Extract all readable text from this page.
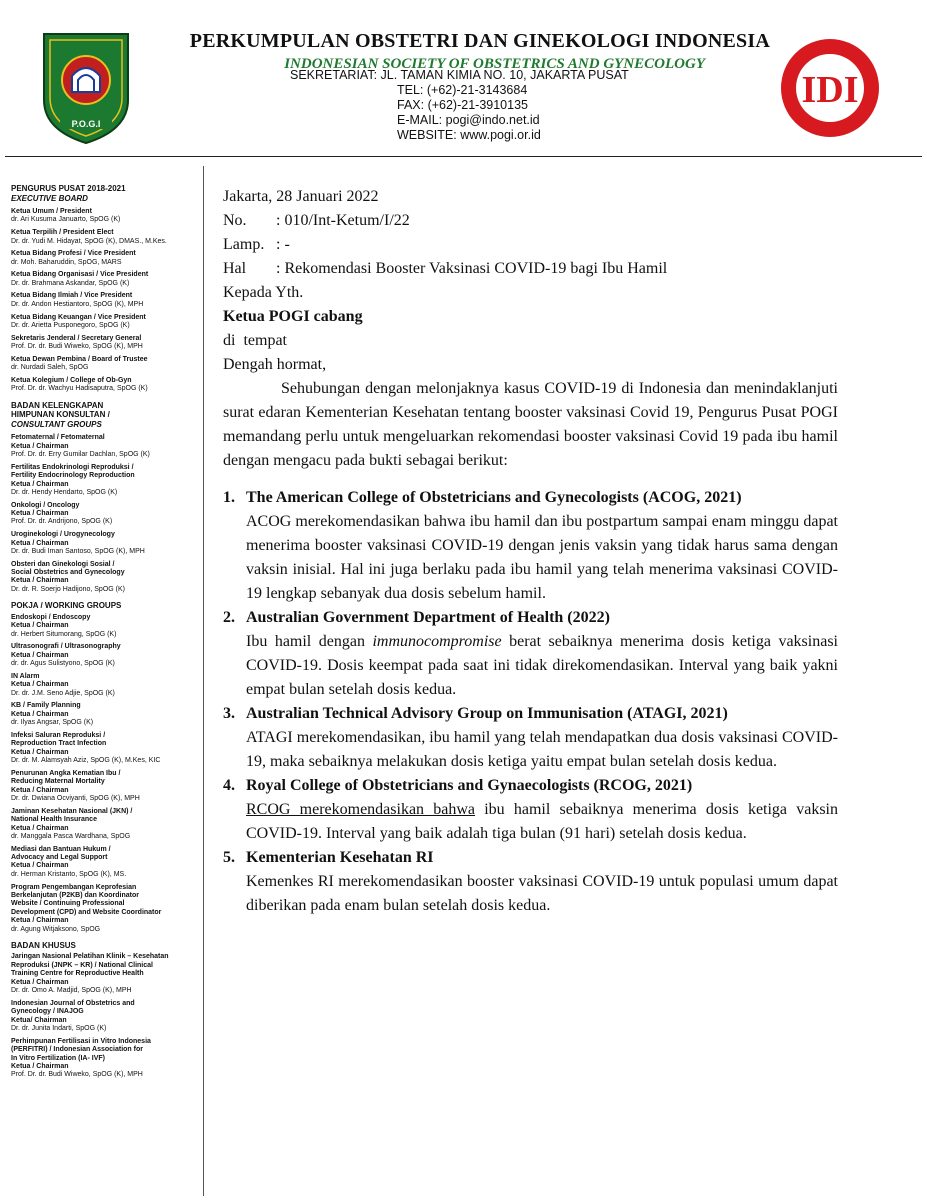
P.O.G.I
IDI
PERKUMPULAN OBSTETRI DAN GINEKOLOGI INDONESIA
INDONESIAN SOCIETY OF OBSTETRICS AND GYNECOLOGY
SEKRETARIAT: JL. TAMAN KIMIA NO. 10, JAKARTA PUSAT
TEL: (+62)-21-3143684
FAX: (+62)-21-3910135
E-MAIL: pogi@indo.net.id
WEBSITE: www.pogi.or.id
PENGURUS PUSAT 2018-2021
EXECUTIVE BOARD
Ketua Umum / President
dr. Ari Kusuma Januarto, SpOG (K)
Ketua Terpilih / President Elect
Dr. dr. Yudi M. Hidayat, SpOG (K), DMAS., M.Kes.
Ketua Bidang Profesi / Vice President
dr. Moh. Baharuddin, SpOG, MARS
Ketua Bidang Organisasi / Vice President
Dr. dr. Brahmana Askandar, SpOG (K)
Ketua Bidang Ilmiah / Vice President
Dr. dr. Andon Hestiantoro, SpOG (K), MPH
Ketua Bidang Keuangan / Vice President
Dr. dr. Arietta Pusponegoro, SpOG (K)
Sekretaris Jenderal / Secretary General
Prof. Dr. dr. Budi Wiweko, SpOG (K), MPH
Ketua Dewan Pembina / Board of Trustee
dr. Nurdadi Saleh, SpOG
Ketua Kolegium / College of Ob-Gyn
Prof. Dr. dr. Wachyu Hadisaputra, SpOG (K)
BADAN KELENGKAPAN
HIMPUNAN KONSULTAN /
CONSULTANT GROUPS
Fetomaternal / Fetomaternal
Ketua / Chairman
Prof. Dr. dr. Erry Gumilar Dachlan, SpOG (K)
Fertilitas Endokrinologi Reproduksi /
Fertility Endocrinology Reproduction
Ketua / Chairman
Dr. dr. Hendy Hendarto, SpOG (K)
Onkologi / Oncology
Ketua / Chairman
Prof. Dr. dr. Andrijono, SpOG (K)
Uroginekologi / Urogynecology
Ketua / Chairman
Dr. dr. Budi Iman Santoso, SpOG (K), MPH
Obsteri dan Ginekologi Sosial /
Social Obstetrics and Gynecology
Ketua / Chairman
Dr. dr. R. Soerjo Hadijono, SpOG (K)
POKJA / WORKING GROUPS
Endoskopi / Endoscopy
Ketua / Chairman
dr. Herbert Situmorang, SpOG (K)
Ultrasonografi / Ultrasonography
Ketua / Chairman
dr. dr. Agus Sulistyono, SpOG (K)
IN Alarm
Ketua / Chairman
Dr. dr. J.M. Seno Adjie, SpOG (K)
KB / Family Planning
Ketua / Chairman
dr. Ilyas Angsar, SpOG (K)
Infeksi Saluran Reproduksi /
Reproduction Tract Infection
Ketua / Chairman
Dr. dr. M. Alamsyah Aziz, SpOG (K), M.Kes, KIC
Penurunan Angka Kematian Ibu /
Reducing Maternal Mortality
Ketua / Chairman
Dr. dr. Dwiana Ocviyanti, SpOG (K), MPH
Jaminan Kesehatan Nasional (JKN) /
National Health Insurance
Ketua / Chairman
dr. Manggala Pasca Wardhana, SpOG
Mediasi dan Bantuan Hukum /
Advocacy and Legal Support
Ketua / Chairman
dr. Herman Kristanto, SpOG (K), MS.
Program Pengembangan Keprofesian
Berkelanjutan (P2KB) dan Koordinator
Website / Continuing Professional
Development (CPD) and Website Coordinator
Ketua / Chairman
dr. Agung Witjaksono, SpOG
BADAN KHUSUS
Jaringan Nasional Pelatihan Klinik – Kesehatan
Reproduksi (JNPK – KR) / National Clinical
Training Centre for Reproductive Health
Ketua / Chairman
Dr. dr. Omo A. Madjid, SpOG (K), MPH
Indonesian Journal of Obstetrics and
Gynecology / INAJOG
Ketua/ Chairman
Dr. dr. Junita Indarti, SpOG (K)
Perhimpunan Fertilisasi in Vitro Indonesia
(PERFITRI) / Indonesian Association for
In Vitro Fertilization (IA- IVF)
Ketua / Chairman
Prof. Dr. dr. Budi Wiweko, SpOG (K), MPH

Jakarta, 28 Januari 2022

No.	: 010/Int-Ketum/I/22
Lamp. : -
Hal	: Rekomendasi Booster Vaksinasi COVID-19 bagi Ibu Hamil

Kepada Yth.

Ketua POGI cabang

di  tempat

Dengah hormat,

Sehubungan dengan melonjaknya kasus COVID-19 di Indonesia dan menindaklanjuti surat edaran Kementerian Kesehatan tentang booster vaksinasi Covid 19, Pengurus Pusat POGI memandang perlu untuk mengeluarkan rekomendasi booster vaksinasi Covid 19 pada ibu hamil dengan mengacu pada bukti sebagai berikut:

1. The American College of Obstetricians and Gynecologists (ACOG, 2021)
ACOG merekomendasikan bahwa ibu hamil dan ibu postpartum sampai enam minggu dapat menerima booster vaksinasi COVID-19 dengan jenis vaksin yang tidak harus sama dengan vaksin inisial. Hal ini juga berlaku pada ibu hamil yang telah menerima vaksinasi COVID-19 lengkap sebanyak dua dosis sebelum hamil.
2. Australian Government Department of Health (2022)
Ibu hamil dengan immunocompromise berat sebaiknya menerima dosis ketiga vaksinasi COVID-19. Dosis keempat pada saat ini tidak direkomendasikan. Interval yang baik yakni empat bulan setelah dosis kedua.
3. Australian Technical Advisory Group on Immunisation (ATAGI, 2021)
ATAGI merekomendasikan, ibu hamil yang telah mendapatkan dua dosis vaksinasi COVID-19, maka sebaiknya melakukan dosis ketiga yaitu empat bulan setelah dosis kedua.
4. Royal College of Obstetricians and Gynaecologists (RCOG, 2021)
RCOG merekomendasikan bahwa ibu hamil sebaiknya menerima dosis ketiga vaksin COVID-19. Interval yang baik adalah tiga bulan (91 hari) setelah dosis kedua.
5. Kementerian Kesehatan RI
Kemenkes RI merekomendasikan booster vaksinasi COVID-19 untuk populasi umum dapat diberikan pada enam bulan setelah dosis kedua.
